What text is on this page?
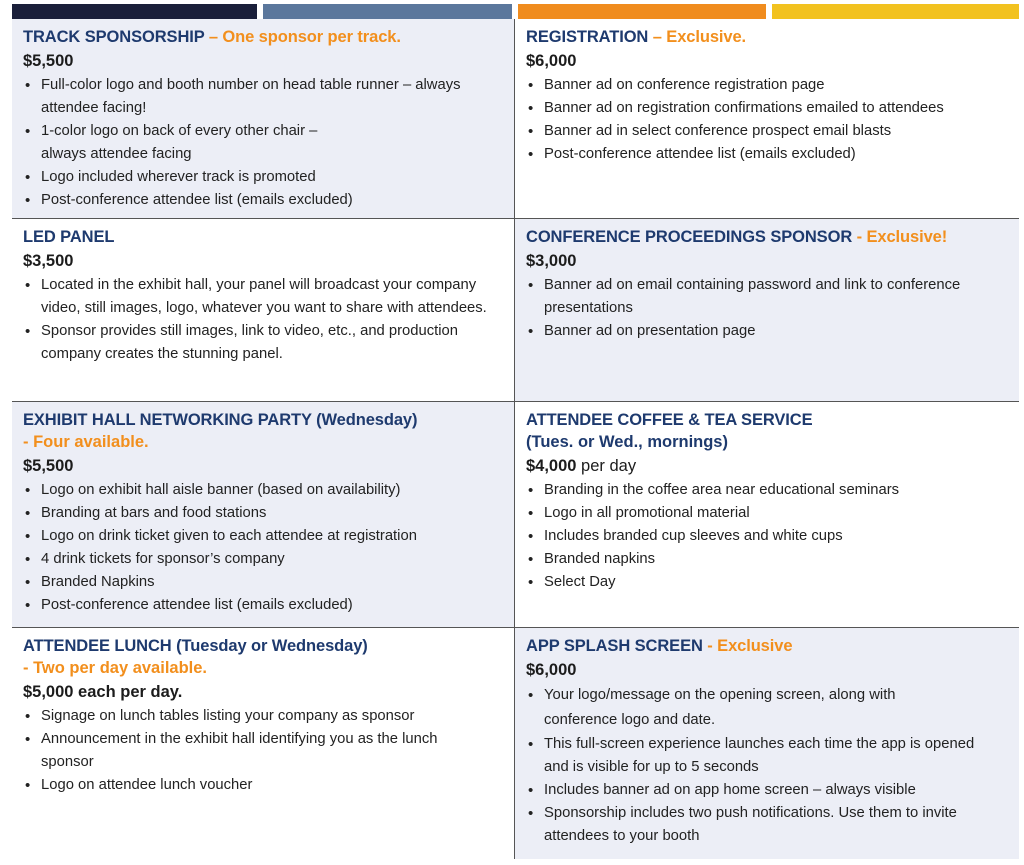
TRACK SPONSORSHIP – One sponsor per track.
$5,500
• Full-color logo and booth number on head table runner – always attendee facing!
• 1-color logo on back of every other chair – always attendee facing
• Logo included wherever track is promoted
• Post-conference attendee list (emails excluded)
REGISTRATION – Exclusive.
$6,000
• Banner ad on conference registration page
• Banner ad on registration confirmations emailed to attendees
• Banner ad in select conference prospect email blasts
• Post-conference attendee list (emails excluded)
LED PANEL
$3,500
• Located in the exhibit hall, your panel will broadcast your company video, still images, logo, whatever you want to share with attendees.
• Sponsor provides still images, link to video, etc., and production company creates the stunning panel.
CONFERENCE PROCEEDINGS SPONSOR - Exclusive!
$3,000
• Banner ad on email containing password and link to conference presentations
• Banner ad on presentation page
EXHIBIT HALL NETWORKING PARTY (Wednesday)
- Four available.
$5,500
• Logo on exhibit hall aisle banner (based on availability)
• Branding at bars and food stations
• Logo on drink ticket given to each attendee at registration
• 4 drink tickets for sponsor’s company
• Branded Napkins
• Post-conference attendee list (emails excluded)
ATTENDEE COFFEE & TEA SERVICE
(Tues. or Wed., mornings)
$4,000 per day
• Branding in the coffee area near educational seminars
• Logo in all promotional material
• Includes branded cup sleeves and white cups
• Branded napkins
• Select Day
ATTENDEE LUNCH (Tuesday or Wednesday)
- Two per day available.
$5,000 each per day.
• Signage on lunch tables listing your company as sponsor
• Announcement in the exhibit hall identifying you as the lunch sponsor
• Logo on attendee lunch voucher
APP SPLASH SCREEN - Exclusive
$6,000
• Your logo/message on the opening screen, along with conference logo and date.
• This full-screen experience launches each time the app is opened and is visible for up to 5 seconds
• Includes banner ad on app home screen – always visible
• Sponsorship includes two push notifications. Use them to invite attendees to your booth
